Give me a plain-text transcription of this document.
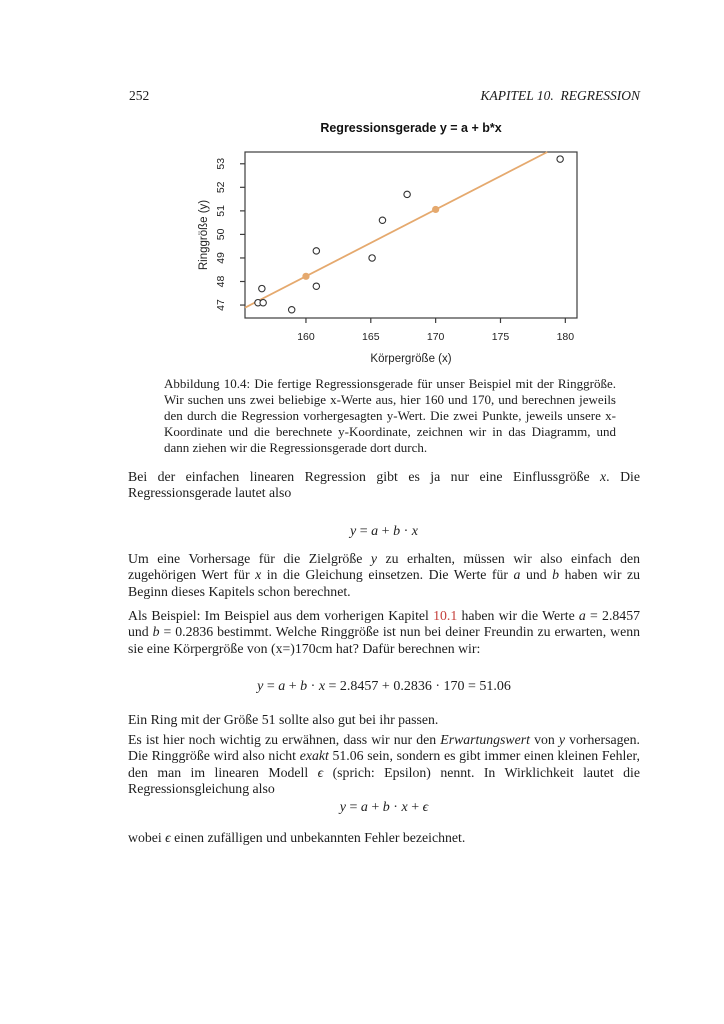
252	KAPITEL 10. REGRESSION
Regressionsgerade y = a + b*x
Körpergröße (x)
Ringgröße (y)
160	165	170	175	180
47
48
49
50
51
52
53
Abbildung 10.4: Die fertige Regressionsgerade für unser Beispiel mit der Ringgröße. Wir suchen uns zwei beliebige x-Werte aus, hier 160 und 170, und berechnen jeweils den durch die Regression vorhergesagten y-Wert. Die zwei Punkte, jeweils unsere x-Koordinate und die berechnete y-Koordinate, zeichnen wir in das Diagramm, und dann ziehen wir die Regressionsgerade dort durch.
Bei der einfachen linearen Regression gibt es ja nur eine Einflussgröße x. Die Regressionsgerade lautet also
y = a + b · x
Um eine Vorhersage für die Zielgröße y zu erhalten, müssen wir also einfach den zugehörigen Wert für x in die Gleichung einsetzen. Die Werte für a und b haben wir zu Beginn dieses Kapitels schon berechnet.
Als Beispiel: Im Beispiel aus dem vorherigen Kapitel 10.1 haben wir die Werte a = 2.8457 und b = 0.2836 bestimmt. Welche Ringgröße ist nun bei deiner Freundin zu erwarten, wenn sie eine Körpergröße von (x=)170cm hat? Dafür berechnen wir:
y = a + b · x = 2.8457 + 0.2836 · 170 = 51.06
Ein Ring mit der Größe 51 sollte also gut bei ihr passen.
Es ist hier noch wichtig zu erwähnen, dass wir nur den Erwartungswert von y vorhersagen. Die Ringgröße wird also nicht exakt 51.06 sein, sondern es gibt immer einen kleinen Fehler, den man im linearen Modell ϵ (sprich: Epsilon) nennt. In Wirklichkeit lautet die Regressionsgleichung also
y = a + b · x + ϵ
wobei ϵ einen zufälligen und unbekannten Fehler bezeichnet.
